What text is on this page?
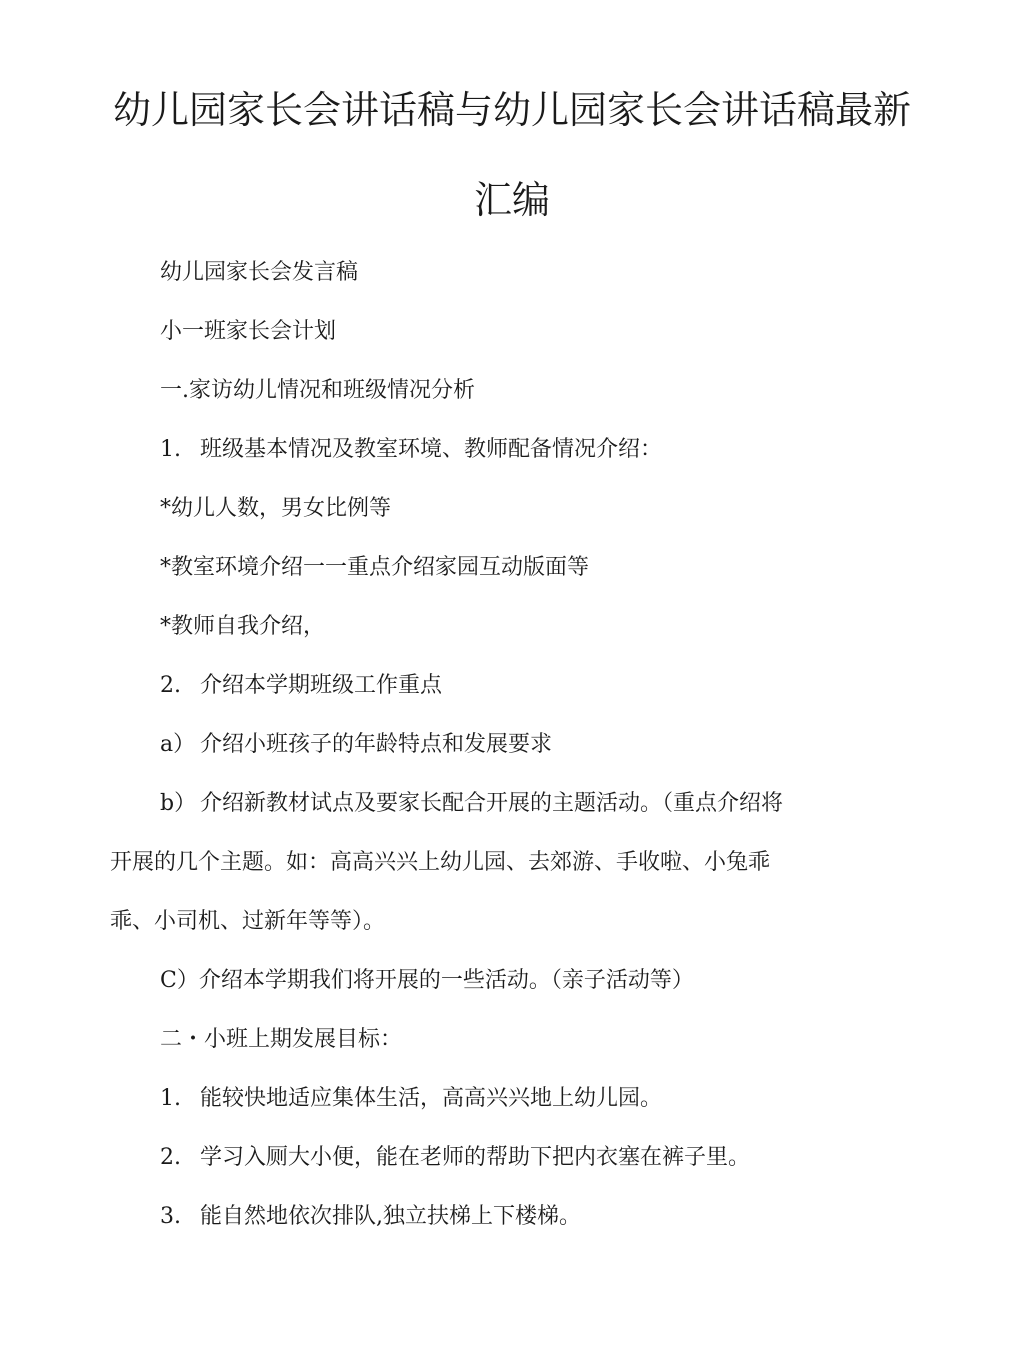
幼儿园家长会讲话稿与幼儿园家长会讲话稿最新
汇编
幼儿园家长会发言稿
小一班家长会计划
一.家访幼儿情况和班级情况分析
1. 班级基本情况及教室环境、教师配备情况介绍：
*幼儿人数，男女比例等
*教室环境介绍一一重点介绍家园互动版面等
*教师自我介绍，
2. 介绍本学期班级工作重点
a） 介绍小班孩子的年龄特点和发展要求
b） 介绍新教材试点及要家长配合开展的主题活动。（重点介绍将
开展的几个主题。如：高高兴兴上幼儿园、去郊游、手收啦、小兔乖
乖、小司机、过新年等等）。
C）介绍本学期我们将开展的一些活动。（亲子活动等）
二・小班上期发展目标：
1. 能较快地适应集体生活，高高兴兴地上幼儿园。
2. 学习入厕大小便，能在老师的帮助下把内衣塞在裤子里。
3. 能自然地依次排队,独立扶梯上下楼梯。
